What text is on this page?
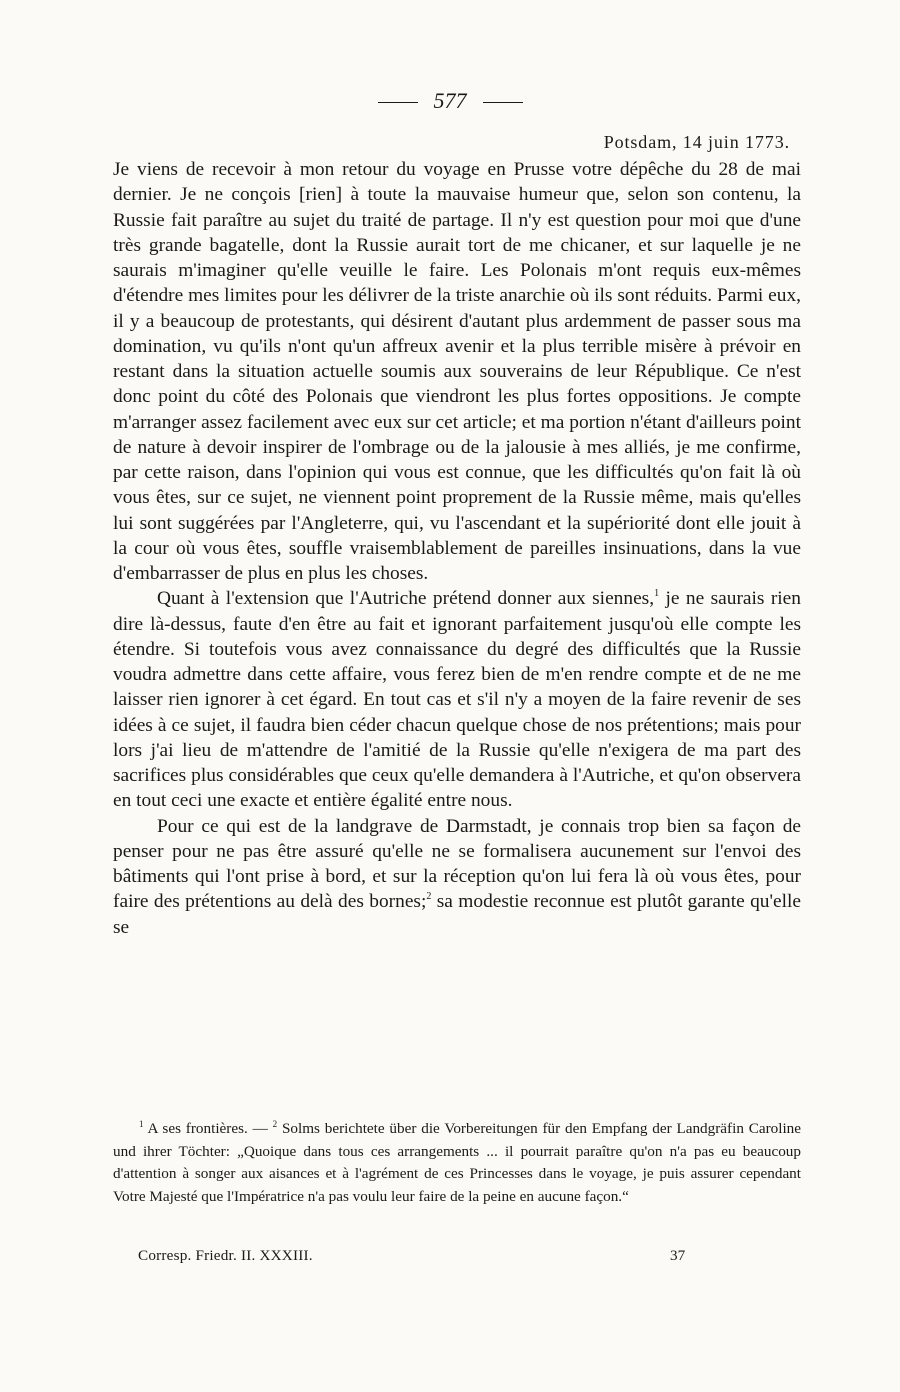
577
Potsdam, 14 juin 1773.

Je viens de recevoir à mon retour du voyage en Prusse votre dépêche du 28 de mai dernier. Je ne conçois [rien] à toute la mauvaise humeur que, selon son contenu, la Russie fait paraître au sujet du traité de partage. Il n'y est question pour moi que d'une très grande bagatelle, dont la Russie aurait tort de me chicaner, et sur laquelle je ne saurais m'imaginer qu'elle veuille le faire. Les Polonais m'ont requis eux-mêmes d'étendre mes limites pour les délivrer de la triste anarchie où ils sont réduits. Parmi eux, il y a beaucoup de protestants, qui désirent d'autant plus ardemment de passer sous ma domination, vu qu'ils n'ont qu'un affreux avenir et la plus terrible misère à prévoir en restant dans la situation actuelle soumis aux souverains de leur République. Ce n'est donc point du côté des Polonais que viendront les plus fortes oppositions. Je compte m'arranger assez facilement avec eux sur cet article; et ma portion n'étant d'ailleurs point de nature à devoir inspirer de l'ombrage ou de la jalousie à mes alliés, je me confirme, par cette raison, dans l'opinion qui vous est connue, que les difficultés qu'on fait là où vous êtes, sur ce sujet, ne viennent point proprement de la Russie même, mais qu'elles lui sont suggérées par l'Angleterre, qui, vu l'ascendant et la supériorité dont elle jouit à la cour où vous êtes, souffle vraisemblablement de pareilles insinuations, dans la vue d'embarrasser de plus en plus les choses.

Quant à l'extension que l'Autriche prétend donner aux siennes,$^1$ je ne saurais rien dire là-dessus, faute d'en être au fait et ignorant parfaitement jusqu'où elle compte les étendre. Si toutefois vous avez connaissance du degré des difficultés que la Russie voudra admettre dans cette affaire, vous ferez bien de m'en rendre compte et de ne me laisser rien ignorer à cet égard. En tout cas et s'il n'y a moyen de la faire revenir de ses idées à ce sujet, il faudra bien céder chacun quelque chose de nos prétentions; mais pour lors j'ai lieu de m'attendre de l'amitié de la Russie qu'elle n'exigera de ma part des sacrifices plus considérables que ceux qu'elle demandera à l'Autriche, et qu'on observera en tout ceci une exacte et entière égalité entre nous.

Pour ce qui est de la landgrave de Darmstadt, je connais trop bien sa façon de penser pour ne pas être assuré qu'elle ne se formalisera aucunement sur l'envoi des bâtiments qui l'ont prise à bord, et sur la réception qu'on lui fera là où vous êtes, pour faire des prétentions au delà des bornes;$^2$ sa modestie reconnue est plutôt garante qu'elle se

$^1$ A ses frontières. — $^2$ Solms berichtete über die Vorbereitungen für den Empfang der Landgräfin Caroline und ihrer Töchter: „Quoique dans tous ces arrangements ... il pourrait paraître qu'on n'a pas eu beaucoup d'attention à songer aux aisances et à l'agrément de ces Princesses dans le voyage, je puis assurer cependant Votre Majesté que l'Impératrice n'a pas voulu leur faire de la peine en aucune façon.“

Corresp. Friedr. II. XXXIII.	37
